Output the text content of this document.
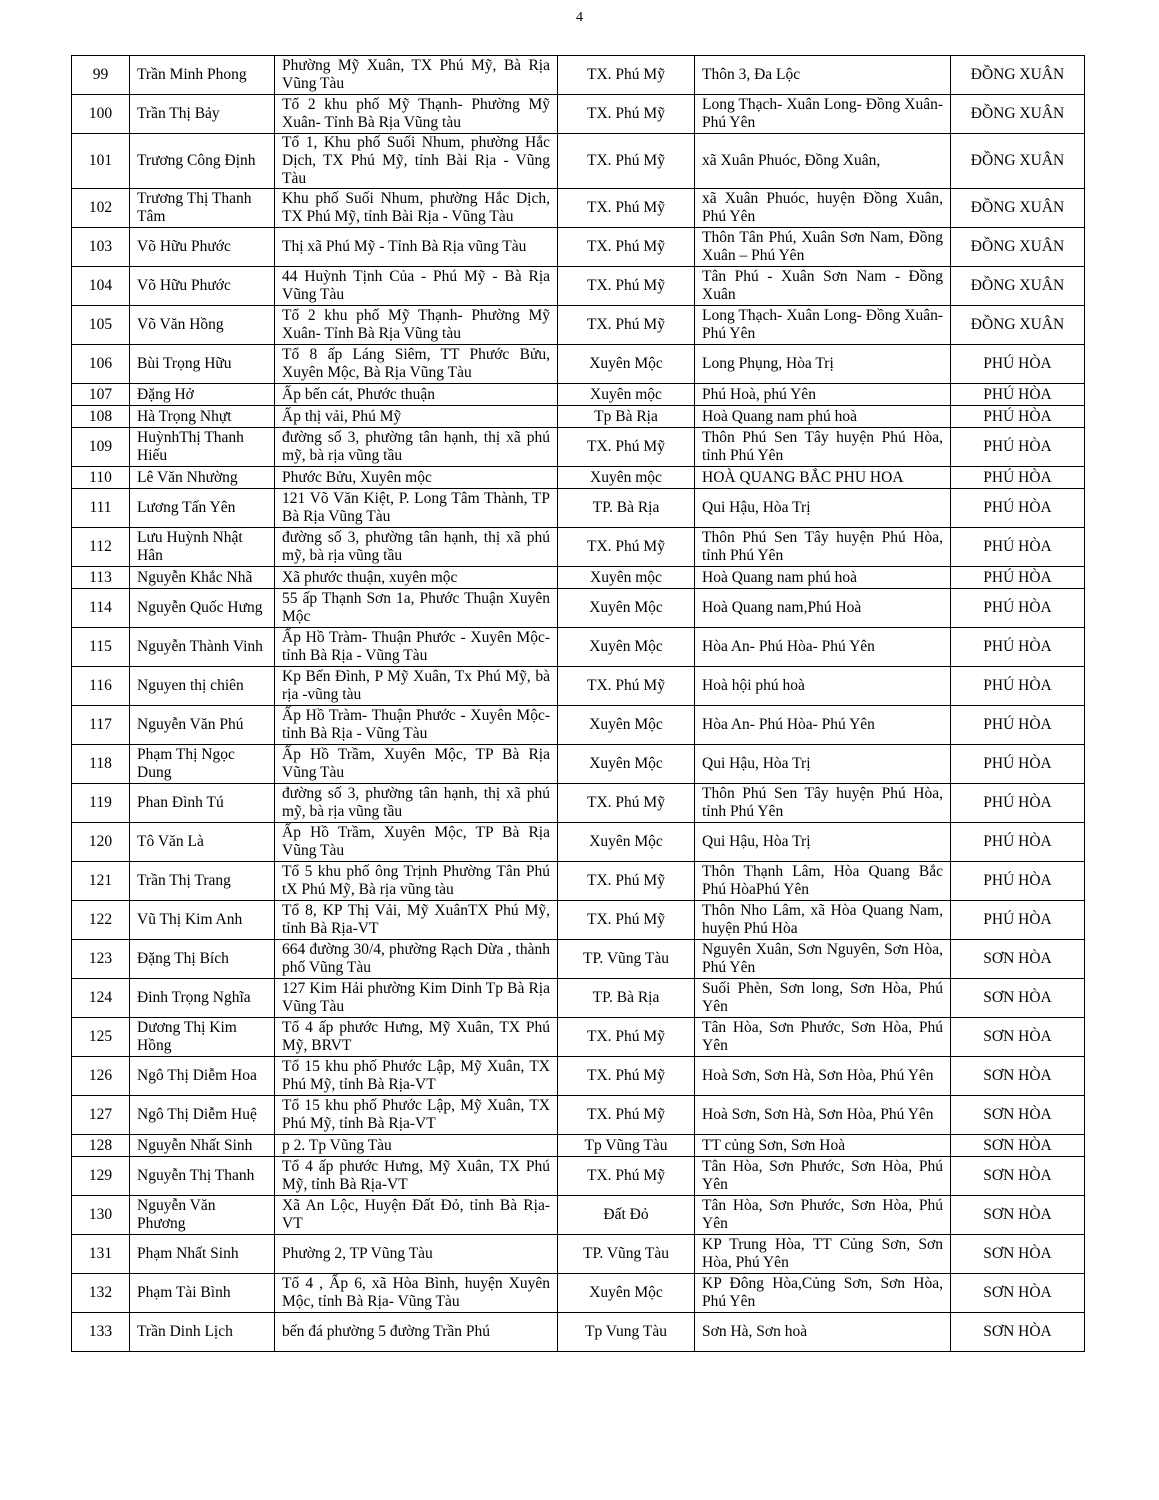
4
99	Trần Minh Phong	Phường Mỹ Xuân, TX Phú Mỹ, Bà Rịa Vũng Tàu	TX. Phú Mỹ	Thôn 3, Đa Lộc	ĐỒNG XUÂN
100	Trần Thị Bảy	Tổ 2 khu phố Mỹ Thạnh- Phường Mỹ Xuân- Tỉnh Bà Rịa Vũng tàu	TX. Phú Mỹ	Long Thạch- Xuân Long- Đồng Xuân- Phú Yên	ĐỒNG XUÂN
101	Trương Công Định	Tổ 1, Khu phố Suối Nhum, phường Hắc Dịch, TX Phú Mỹ, tỉnh Bài Rịa - Vũng Tàu	TX. Phú Mỹ	xã Xuân Phuóc, Đồng Xuân,	ĐỒNG XUÂN
102	Trương Thị Thanh Tâm	Khu phố Suối Nhum, phường Hắc Dịch, TX Phú Mỹ, tỉnh Bài Rịa - Vũng Tàu	TX. Phú Mỹ	xã Xuân Phuóc, huyện Đồng Xuân, Phú Yên	ĐỒNG XUÂN
103	Võ Hữu Phước	Thị xã Phú Mỹ - Tỉnh Bà Rịa vũng Tàu	TX. Phú Mỹ	Thôn Tân Phú, Xuân Sơn Nam, Đồng Xuân – Phú Yên	ĐỒNG XUÂN
104	Võ Hữu Phước	44 Huỳnh Tịnh Của - Phú Mỹ - Bà Rịa Vũng Tàu	TX. Phú Mỹ	Tân Phú - Xuân Sơn Nam - Đồng Xuân	ĐỒNG XUÂN
105	Võ Văn Hồng	Tổ 2 khu phố Mỹ Thạnh- Phường Mỹ Xuân- Tỉnh Bà Rịa Vũng tàu	TX. Phú Mỹ	Long Thạch- Xuân Long- Đồng Xuân- Phú Yên	ĐỒNG XUÂN
106	Bùi Trọng Hữu	Tổ 8 ấp Láng Siêm, TT Phước Bửu, Xuyên Mộc, Bà Rịa Vũng Tàu	Xuyên Mộc	Long Phụng, Hòa Trị	PHÚ HÒA
107	Đặng Hở	Ấp bến cát, Phước thuận	Xuyên mộc	Phú Hoà, phú Yên	PHÚ HÒA
108	Hà Trọng Nhựt	Ấp thị vải, Phú Mỹ	Tp Bà Rịa	Hoà Quang nam phú hoà	PHÚ HÒA
109	HuỳnhThị Thanh Hiếu	đường số 3, phường tân hạnh, thị xã phú mỹ, bà rịa vũng tầu	TX. Phú Mỹ	Thôn Phú Sen Tây huyện Phú Hòa, tỉnh Phú Yên	PHÚ HÒA
110	Lê Văn Nhường	Phước Bửu, Xuyên mộc	Xuyên mộc	HOÀ QUANG BẮC PHU HOA	PHÚ HÒA
111	Lương Tấn Yên	121 Võ Văn Kiệt, P. Long Tâm Thành, TP Bà Rịa Vũng Tàu	TP. Bà Rịa	Qui Hậu, Hòa Trị	PHÚ HÒA
112	Lưu Huỳnh Nhật Hân	đường số 3, phường tân hạnh, thị xã phú mỹ, bà rịa vũng tầu	TX. Phú Mỹ	Thôn Phú Sen Tây huyện Phú Hòa, tỉnh Phú Yên	PHÚ HÒA
113	Nguyễn Khắc Nhã	Xã phước thuận, xuyên mộc	Xuyên mộc	Hoà Quang nam phú hoà	PHÚ HÒA
114	Nguyễn Quốc Hưng	55 ấp Thạnh Sơn 1a, Phước Thuận Xuyên Mộc	Xuyên Mộc	Hoà Quang nam,Phú Hoà	PHÚ HÒA
115	Nguyễn Thành Vinh	Ấp Hồ Tràm- Thuận Phước - Xuyên Mộc- tỉnh Bà Rịa - Vũng Tàu	Xuyên Mộc	Hòa An- Phú Hòa- Phú Yên	PHÚ HÒA
116	Nguyen thị chiên	Kp Bến Đình, P Mỹ Xuân, Tx Phú Mỹ, bà rịa -vũng tàu	TX. Phú Mỹ	Hoà hội phú hoà	PHÚ HÒA
117	Nguyễn Văn Phú	Ấp Hồ Tràm- Thuận Phước - Xuyên Mộc- tỉnh Bà Rịa - Vũng Tàu	Xuyên Mộc	Hòa An- Phú Hòa- Phú Yên	PHÚ HÒA
118	Phạm Thị Ngọc Dung	Ấp Hồ Trầm, Xuyên Mộc, TP Bà Rịa Vũng Tàu	Xuyên Mộc	Qui Hậu, Hòa Trị	PHÚ HÒA
119	Phan Đình Tú	đường số 3, phường tân hạnh, thị xã phú mỹ, bà rịa vũng tầu	TX. Phú Mỹ	Thôn Phú Sen Tây huyện Phú Hòa, tỉnh Phú Yên	PHÚ HÒA
120	Tô Văn Là	Ấp Hồ Trầm, Xuyên Mộc, TP Bà Rịa Vũng Tàu	Xuyên Mộc	Qui Hậu, Hòa Trị	PHÚ HÒA
121	Trần Thị Trang	Tổ 5 khu phố ông Trịnh Phường Tân Phú tX Phú Mỹ, Bà rịa vũng tàu	TX. Phú Mỹ	Thôn Thạnh Lâm, Hòa Quang Bắc Phú HòaPhú Yên	PHÚ HÒA
122	Vũ Thị Kim Anh	Tổ 8, KP Thị Vải, Mỹ XuânTX Phú Mỹ, tỉnh Bà Rịa-VT	TX. Phú Mỹ	Thôn Nho Lâm, xã Hòa Quang Nam, huyện Phú Hòa	PHÚ HÒA
123	Đặng Thị Bích	664 đường 30/4, phường Rạch Dừa , thành phố Vũng Tàu	TP. Vũng Tàu	Nguyên Xuân, Sơn Nguyên, Sơn Hòa, Phú Yên	SƠN HÒA
124	Đinh Trọng Nghĩa	127 Kim Hải phường Kim Dinh Tp Bà Rịa Vũng Tàu	TP. Bà Rịa	Suối Phèn, Sơn long, Sơn Hòa, Phú Yên	SƠN HÒA
125	Dương Thị Kim Hồng	Tổ 4 ấp phước Hưng, Mỹ Xuân, TX Phú Mỹ, BRVT	TX. Phú Mỹ	Tân Hòa, Sơn Phước, Sơn Hòa, Phú Yên	SƠN HÒA
126	Ngô Thị Diễm Hoa	Tổ 15 khu phố Phước Lập, Mỹ Xuân, TX Phú Mỹ, tỉnh Bà Rịa-VT	TX. Phú Mỹ	Hoà Sơn, Sơn Hà, Sơn Hòa, Phú Yên	SƠN HÒA
127	Ngô Thị Diễm Huệ	Tổ 15 khu phố Phước Lập, Mỹ Xuân, TX Phú Mỹ, tỉnh Bà Rịa-VT	TX. Phú Mỹ	Hoà Sơn, Sơn Hà, Sơn Hòa, Phú Yên	SƠN HÒA
128	Nguyễn Nhất Sinh	p 2. Tp Vũng Tàu	Tp Vũng Tàu	TT củng Sơn, Sơn Hoà	SƠN HÒA
129	Nguyễn Thị Thanh	Tổ 4 ấp phước Hưng, Mỹ Xuân, TX Phú Mỹ, tỉnh Bà Rịa-VT	TX. Phú Mỹ	Tân Hòa, Sơn Phước, Sơn Hòa, Phú Yên	SƠN HÒA
130	Nguyễn Văn Phương	Xã An Lộc, Huyện Đất Đỏ, tỉnh Bà Rịa-VT	Đất Đỏ	Tân Hòa, Sơn Phước, Sơn Hòa, Phú Yên	SƠN HÒA
131	Phạm Nhất Sinh	Phường 2, TP Vũng Tàu	TP. Vũng Tàu	KP Trung Hòa, TT Củng Sơn, Sơn Hòa, Phú Yên	SƠN HÒA
132	Phạm Tài Bình	Tổ 4 , Ấp 6, xã Hòa Bình, huyện Xuyên Mộc, tỉnh Bà Rịa- Vũng Tàu	Xuyên Mộc	KP Đông Hòa,Củng Sơn, Sơn Hòa, Phú Yên	SƠN HÒA
133	Trần Dinh Lịch	bến đá phường 5 đường Trần Phú	Tp Vung Tàu	Sơn Hà, Sơn hoà	SƠN HÒA
